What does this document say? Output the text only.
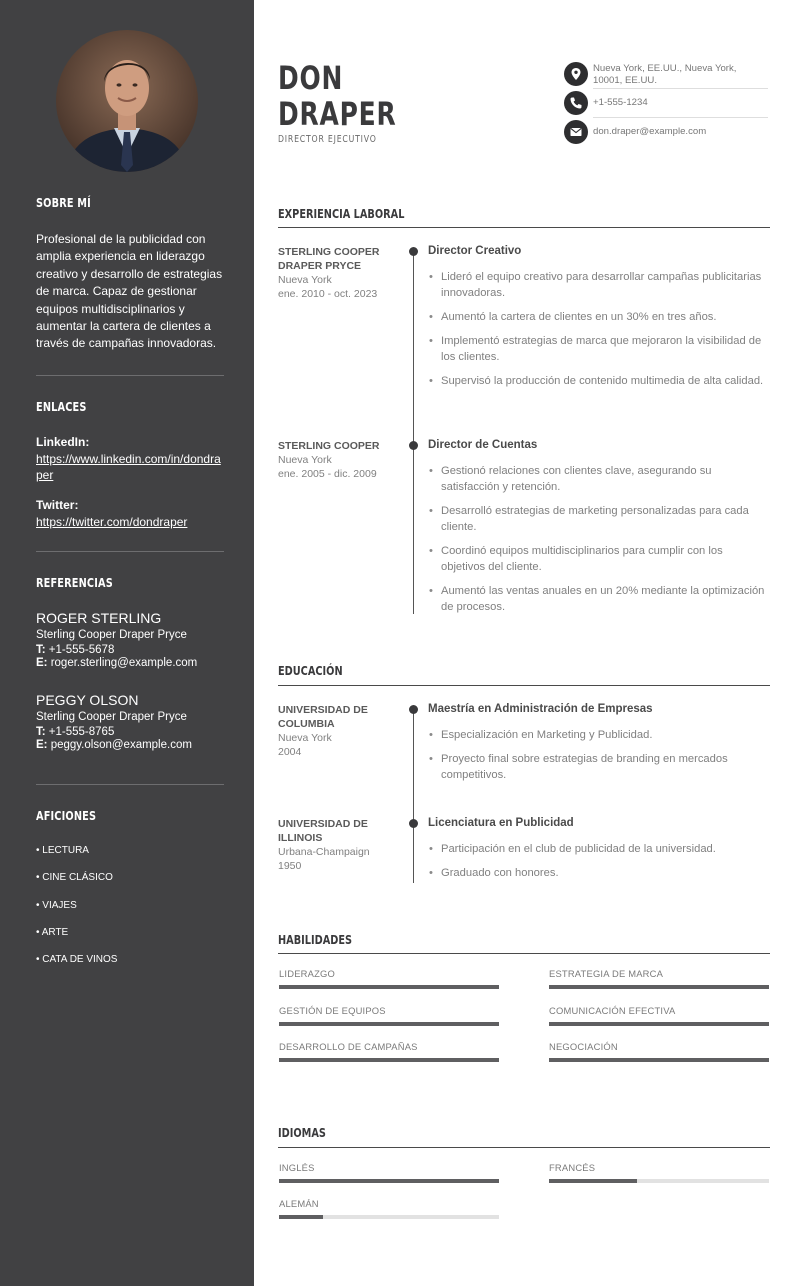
SOBRE MÍ
Profesional de la publicidad con amplia experiencia en liderazgo creativo y desarrollo de estrategias de marca. Capaz de gestionar equipos multidisciplinarios y aumentar la cartera de clientes a través de campañas innovadoras.
ENLACES
LinkedIn:
https://www.linkedin.com/in/dondraper
Twitter:
https://twitter.com/dondraper
REFERENCIAS
ROGER STERLING
Sterling Cooper Draper Pryce
T: +1-555-5678
E: roger.sterling@example.com
PEGGY OLSON
Sterling Cooper Draper Pryce
T: +1-555-8765
E: peggy.olson@example.com
AFICIONES
• LECTURA
• CINE CLÁSICO
• VIAJES
• ARTE
• CATA DE VINOS
DON
DRAPER
DIRECTOR EJECUTIVO
Nueva York, EE.UU., Nueva York, 10001, EE.UU.
+1-555-1234
don.draper@example.com
EXPERIENCIA LABORAL
STERLING COOPER DRAPER PRYCE
Nueva York
ene. 2010 - oct. 2023
Director Creativo
• Lideró el equipo creativo para desarrollar campañas publicitarias innovadoras.
• Aumentó la cartera de clientes en un 30% en tres años.
• Implementó estrategias de marca que mejoraron la visibilidad de los clientes.
• Supervisó la producción de contenido multimedia de alta calidad.
STERLING COOPER
Nueva York
ene. 2005 - dic. 2009
Director de Cuentas
• Gestionó relaciones con clientes clave, asegurando su satisfacción y retención.
• Desarrolló estrategias de marketing personalizadas para cada cliente.
• Coordinó equipos multidisciplinarios para cumplir con los objetivos del cliente.
• Aumentó las ventas anuales en un 20% mediante la optimización de procesos.
EDUCACIÓN
UNIVERSIDAD DE COLUMBIA
Nueva York
2004
Maestría en Administración de Empresas
• Especialización en Marketing y Publicidad.
• Proyecto final sobre estrategias de branding en mercados competitivos.
UNIVERSIDAD DE ILLINOIS
Urbana-Champaign
1950
Licenciatura en Publicidad
• Participación en el club de publicidad de la universidad.
• Graduado con honores.
HABILIDADES
LIDERAZGO	ESTRATEGIA DE MARCA
GESTIÓN DE EQUIPOS	COMUNICACIÓN EFECTIVA
DESARROLLO DE CAMPAÑAS	NEGOCIACIÓN
IDIOMAS
INGLÉS	FRANCÉS
ALEMÁN
